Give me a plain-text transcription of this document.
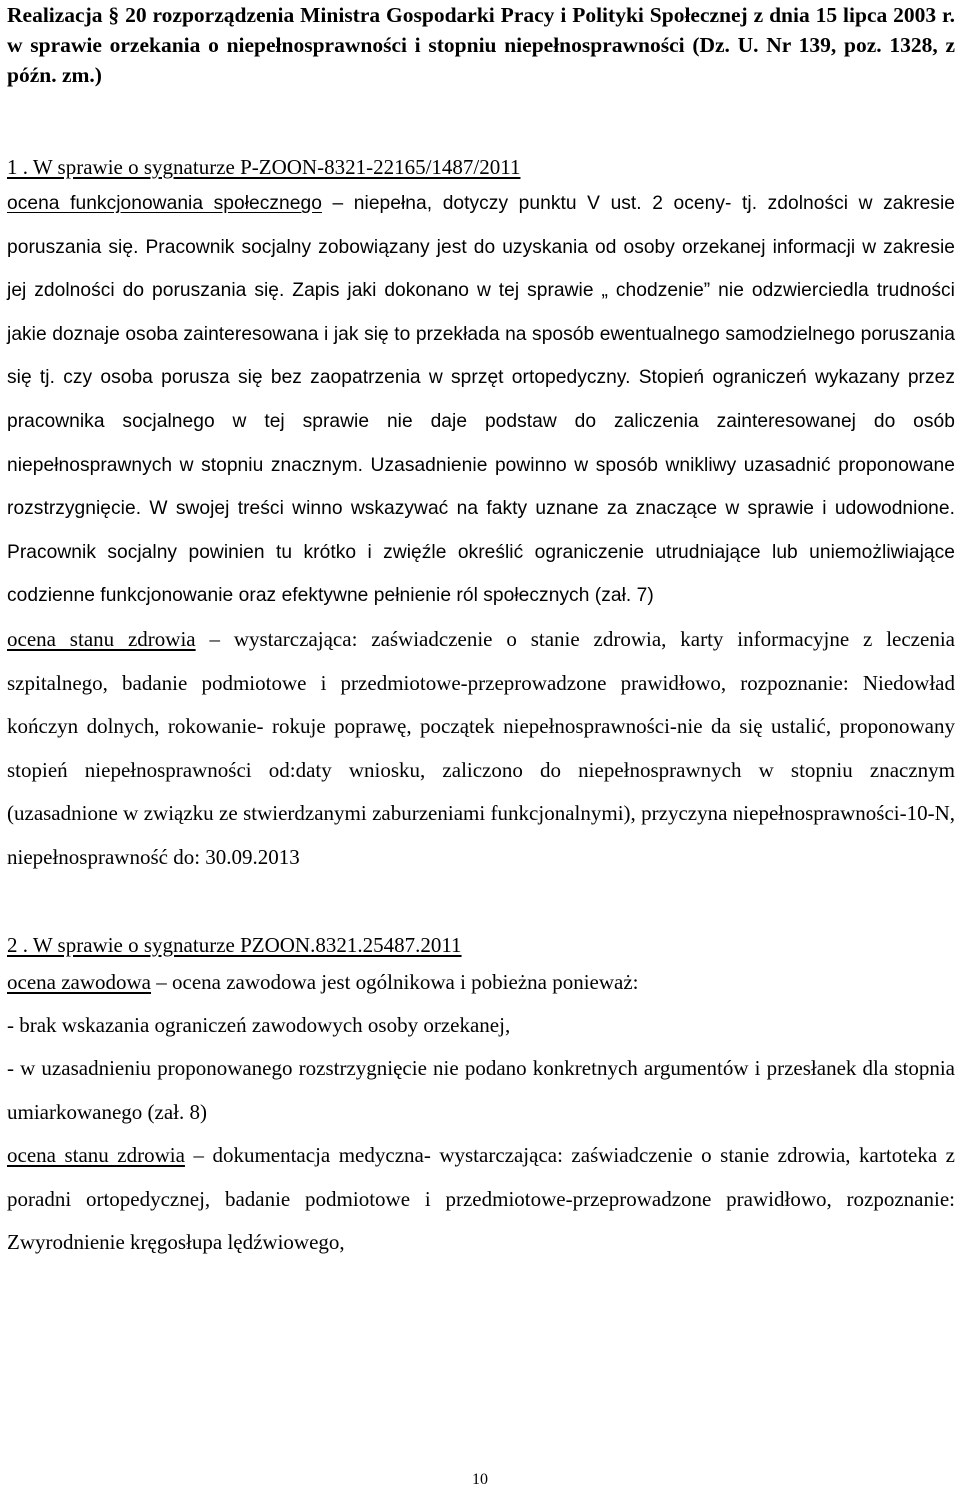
Realizacja § 20 rozporządzenia Ministra Gospodarki Pracy i Polityki Społecznej z dnia 15 lipca 2003 r. w sprawie orzekania o niepełnosprawności i stopniu niepełnosprawności (Dz. U. Nr 139, poz. 1328, z późn. zm.)

1 . W sprawie o sygnaturze P-ZOON-8321-22165/1487/2011

ocena funkcjonowania społecznego – niepełna, dotyczy punktu V ust. 2 oceny- tj. zdolności w zakresie poruszania się. Pracownik socjalny zobowiązany jest do uzyskania od osoby orzekanej informacji w zakresie jej zdolności do poruszania się. Zapis jaki dokonano w tej sprawie „ chodzenie” nie odzwierciedla trudności jakie doznaje osoba zainteresowana i jak się to przekłada na sposób ewentualnego samodzielnego poruszania się tj. czy osoba porusza się bez zaopatrzenia w sprzęt ortopedyczny. Stopień ograniczeń wykazany przez pracownika socjalnego w tej sprawie nie daje podstaw do zaliczenia zainteresowanej do osób niepełnosprawnych w stopniu znacznym. Uzasadnienie powinno w sposób wnikliwy uzasadnić proponowane rozstrzygnięcie. W swojej treści winno wskazywać na fakty uznane za znaczące w sprawie i udowodnione. Pracownik socjalny powinien tu krótko i zwięźle określić ograniczenie utrudniające lub uniemożliwiające codzienne funkcjonowanie oraz efektywne pełnienie ról społecznych (zał. 7)

ocena stanu zdrowia – wystarczająca: zaświadczenie o stanie zdrowia, karty informacyjne z leczenia szpitalnego, badanie podmiotowe i przedmiotowe-przeprowadzone prawidłowo, rozpoznanie: Niedowład kończyn dolnych, rokowanie- rokuje poprawę, początek niepełnosprawności-nie da się ustalić, proponowany stopień niepełnosprawności od:daty wniosku, zaliczono do niepełnosprawnych w stopniu znacznym (uzasadnione w związku ze stwierdzanymi zaburzeniami funkcjonalnymi), przyczyna niepełnosprawności-10-N, niepełnosprawność do: 30.09.2013

2 . W sprawie o sygnaturze PZOON.8321.25487.2011

ocena zawodowa – ocena zawodowa jest ogólnikowa i pobieżna ponieważ:

- brak wskazania ograniczeń zawodowych osoby orzekanej,

- w uzasadnieniu proponowanego rozstrzygnięcie nie podano konkretnych argumentów i przesłanek dla stopnia umiarkowanego (zał. 8)

ocena stanu zdrowia – dokumentacja medyczna- wystarczająca: zaświadczenie o stanie zdrowia, kartoteka z poradni ortopedycznej, badanie podmiotowe i przedmiotowe-przeprowadzone prawidłowo, rozpoznanie: Zwyrodnienie kręgosłupa lędźwiowego,

10
